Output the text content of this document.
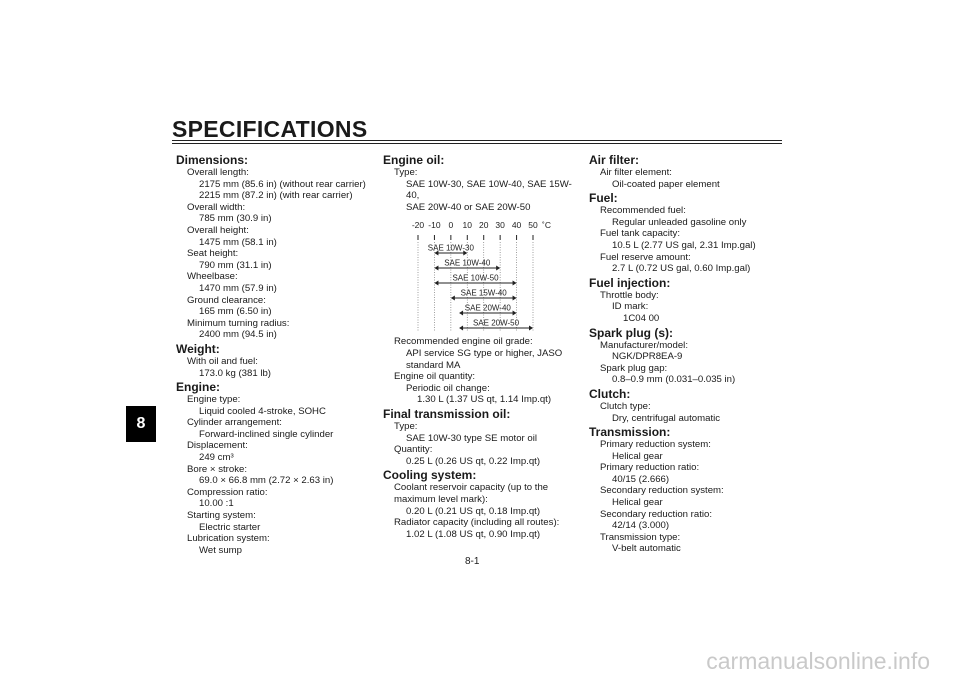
SPECIFICATIONS
8
Dimensions:
Overall length:
2175 mm (85.6 in) (without rear carrier)
2215 mm (87.2 in) (with rear carrier)
Overall width:
785 mm (30.9 in)
Overall height:
1475 mm (58.1 in)
Seat height:
790 mm (31.1 in)
Wheelbase:
1470 mm (57.9 in)
Ground clearance:
165 mm (6.50 in)
Minimum turning radius:
2400 mm (94.5 in)
Weight:
With oil and fuel:
173.0 kg (381 lb)
Engine:
Engine type:
Liquid cooled 4-stroke, SOHC
Cylinder arrangement:
Forward-inclined single cylinder
Displacement:
249 cm³
Bore × stroke:
69.0 × 66.8 mm (2.72 × 2.63 in)
Compression ratio:
10.00 :1
Starting system:
Electric starter
Lubrication system:
Wet sump
Engine oil:
Type:
SAE 10W-30, SAE 10W-40, SAE 15W-40,
SAE 20W-40 or SAE 20W-50
-20 -10 0 10 20 30 40 50 ˚C
SAE 10W-30
SAE 10W-40
SAE 10W-50
SAE 15W-40
SAE 20W-40
SAE 20W-50
Recommended engine oil grade:
API service SG type or higher, JASO
standard MA
Engine oil quantity:
Periodic oil change:
1.30 L (1.37 US qt, 1.14 Imp.qt)
Final transmission oil:
Type:
SAE 10W-30 type SE motor oil
Quantity:
0.25 L (0.26 US qt, 0.22 Imp.qt)
Cooling system:
Coolant reservoir capacity (up to the
maximum level mark):
0.20 L (0.21 US qt, 0.18 Imp.qt)
Radiator capacity (including all routes):
1.02 L (1.08 US qt, 0.90 Imp.qt)
Air filter:
Air filter element:
Oil-coated paper element
Fuel:
Recommended fuel:
Regular unleaded gasoline only
Fuel tank capacity:
10.5 L (2.77 US gal, 2.31 Imp.gal)
Fuel reserve amount:
2.7 L (0.72 US gal, 0.60 Imp.gal)
Fuel injection:
Throttle body:
ID mark:
1C04 00
Spark plug (s):
Manufacturer/model:
NGK/DPR8EA-9
Spark plug gap:
0.8–0.9 mm (0.031–0.035 in)
Clutch:
Clutch type:
Dry, centrifugal automatic
Transmission:
Primary reduction system:
Helical gear
Primary reduction ratio:
40/15 (2.666)
Secondary reduction system:
Helical gear
Secondary reduction ratio:
42/14 (3.000)
Transmission type:
V-belt automatic
8-1
carmanualsonline.info
